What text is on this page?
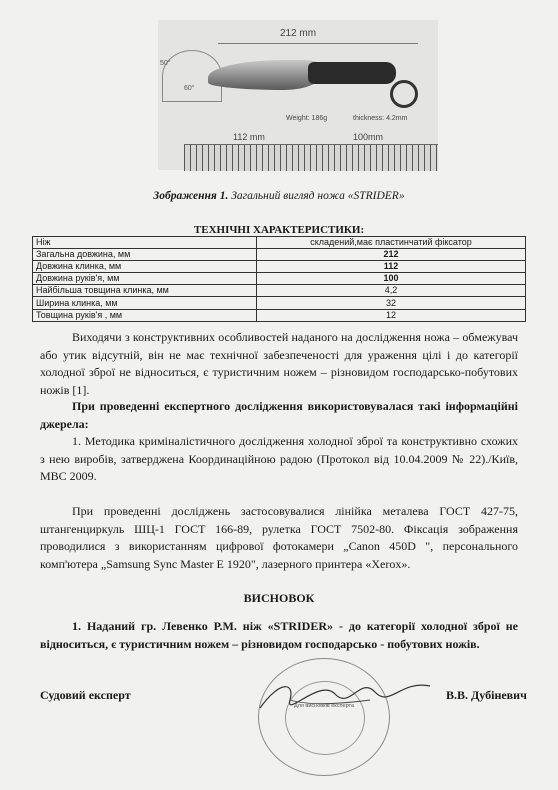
212 mm
50°
60°
Weight: 186g	thickness: 4.2mm
112 mm	100mm
Зображення 1. Загальний вигляд ножа «STRIDER»
ТЕХНІЧНІ ХАРАКТЕРИСТИКИ:
Ніж	складений,має пластинчатий фіксатор
Загальна довжина, мм	212
Довжина клинка, мм	112
Довжина руків'я, мм	100
Найбільша товщина клинка, мм	4,2
Ширина клинка, мм	32
Товщина руків'я , мм	12
Виходячи з конструктивних особливостей наданого на дослідження ножа – обмежувач або утик відсутній, він не має технічної забезпеченості для ураження цілі і до категорії холодної зброї не відноситься, є туристичним ножем – різновидом господарсько-побутових ножів [1].
При проведенні експертного дослідження використовувалася такі інформаційні джерела:
1. Методика криміналістичного дослідження холодної зброї та конструктивно схожих з нею виробів, затверджена Координаційною радою (Протокол від 10.04.2009 № 22)./Київ, МВС 2009.
При проведенні досліджень застосовувалися лінійка металева ГОСТ 427-75, штангенциркуль ШЦ-1 ГОСТ 166-89, рулетка ГОСТ 7502-80. Фіксація зображення проводилися з використанням цифрової фотокамери „Canon 450D ", персонального комп'ютера „Samsung Sync Master E 1920", лазерного принтера «Xerox».
ВИСНОВОК
1. Наданий гр. Левенко Р.М. ніж «STRIDER» - до категорії холодної зброї не відноситься, є туристичним ножем – різновидом господарсько - побутових ножів.
Для висновків експерта
Судовий експерт	В.В. Дубіневич
